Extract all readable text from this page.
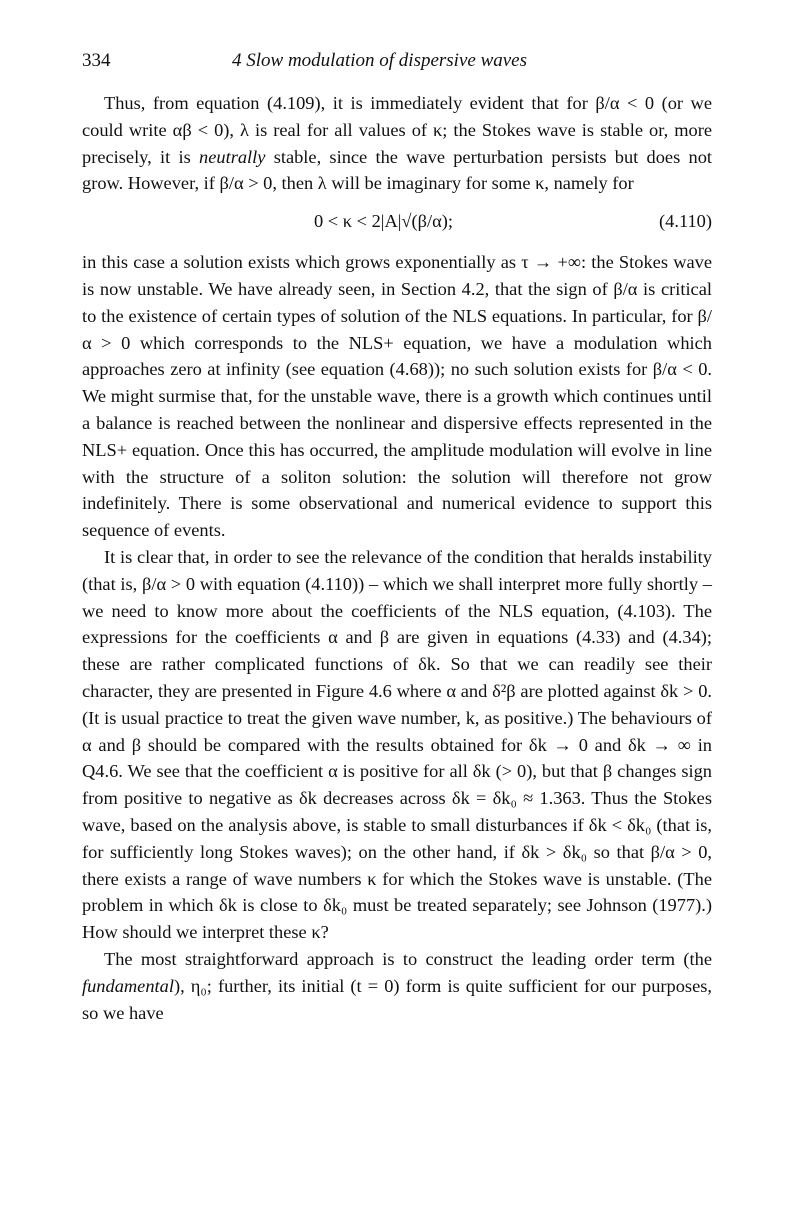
334	4 Slow modulation of dispersive waves

Thus, from equation (4.109), it is immediately evident that for β/α < 0 (or we could write αβ < 0), λ is real for all values of κ; the Stokes wave is stable or, more precisely, it is neutrally stable, since the wave perturbation persists but does not grow. However, if β/α > 0, then λ will be imaginary for some κ, namely for

0 < κ < 2|A|√(β/α);	(4.110)

in this case a solution exists which grows exponentially as τ → +∞: the Stokes wave is now unstable. We have already seen, in Section 4.2, that the sign of β/α is critical to the existence of certain types of solution of the NLS equations. In particular, for β/α > 0 which corresponds to the NLS+ equation, we have a modulation which approaches zero at infinity (see equation (4.68)); no such solution exists for β/α < 0. We might surmise that, for the unstable wave, there is a growth which continues until a balance is reached between the nonlinear and dispersive effects represented in the NLS+ equation. Once this has occurred, the amplitude modulation will evolve in line with the structure of a soliton solution: the solution will therefore not grow indefinitely. There is some observational and numerical evidence to support this sequence of events.

It is clear that, in order to see the relevance of the condition that heralds instability (that is, β/α > 0 with equation (4.110)) – which we shall interpret more fully shortly – we need to know more about the coefficients of the NLS equation, (4.103). The expressions for the coefficients α and β are given in equations (4.33) and (4.34); these are rather complicated functions of δk. So that we can readily see their character, they are presented in Figure 4.6 where α and δ²β are plotted against δk > 0. (It is usual practice to treat the given wave number, k, as positive.) The behaviours of α and β should be compared with the results obtained for δk → 0 and δk → ∞ in Q4.6. We see that the coefficient α is positive for all δk (> 0), but that β changes sign from positive to negative as δk decreases across δk = δk₀ ≈ 1.363. Thus the Stokes wave, based on the analysis above, is stable to small disturbances if δk < δk₀ (that is, for sufficiently long Stokes waves); on the other hand, if δk > δk₀ so that β/α > 0, there exists a range of wave numbers κ for which the Stokes wave is unstable. (The problem in which δk is close to δk₀ must be treated separately; see Johnson (1977).) How should we interpret these κ?

The most straightforward approach is to construct the leading order term (the fundamental), η₀; further, its initial (t = 0) form is quite sufficient for our purposes, so we have
